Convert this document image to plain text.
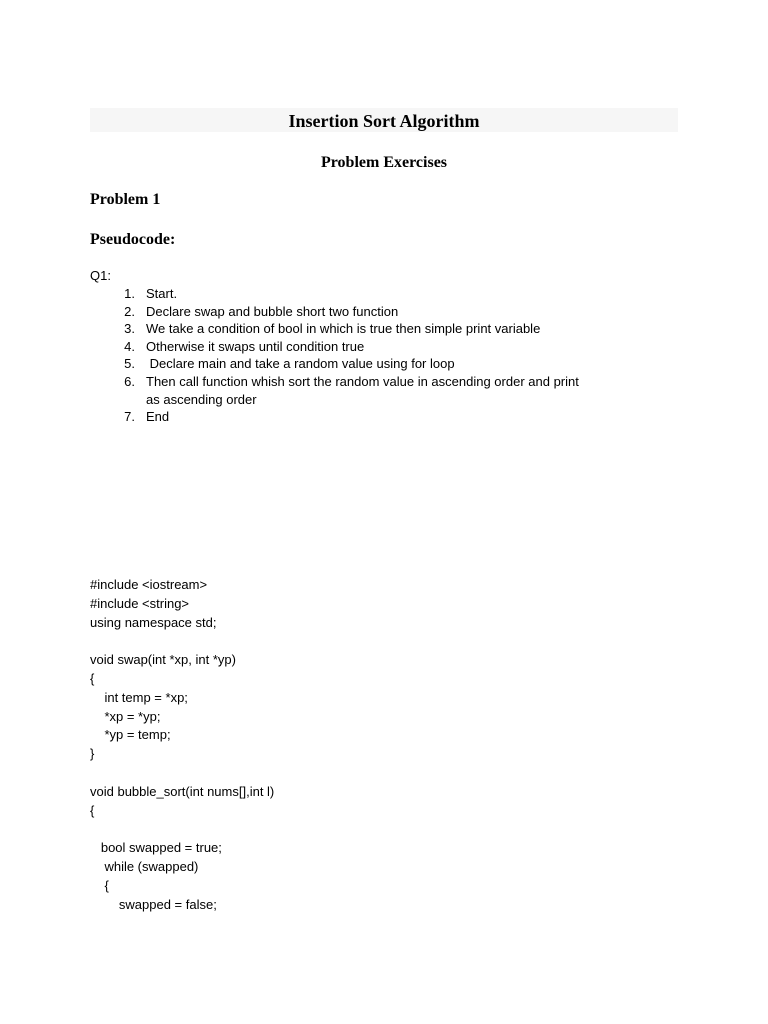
Insertion Sort Algorithm
Problem Exercises
Problem 1
Pseudocode:
Q1:
1. Start.
2. Declare swap and bubble short two function
3. We take a condition of bool in which is true then simple print variable
4. Otherwise it swaps until condition true
5. Declare main and take a random value using for loop
6. Then call function whish sort the random value in ascending order and print as ascending order
7. End
#include <iostream>
#include <string>
using namespace std;
void swap(int *xp, int *yp)
{
int temp = *xp;
*xp = *yp;
*yp = temp;
}
void bubble_sort(int nums[],int l)
{
bool swapped = true;
while (swapped)
{
swapped = false;
